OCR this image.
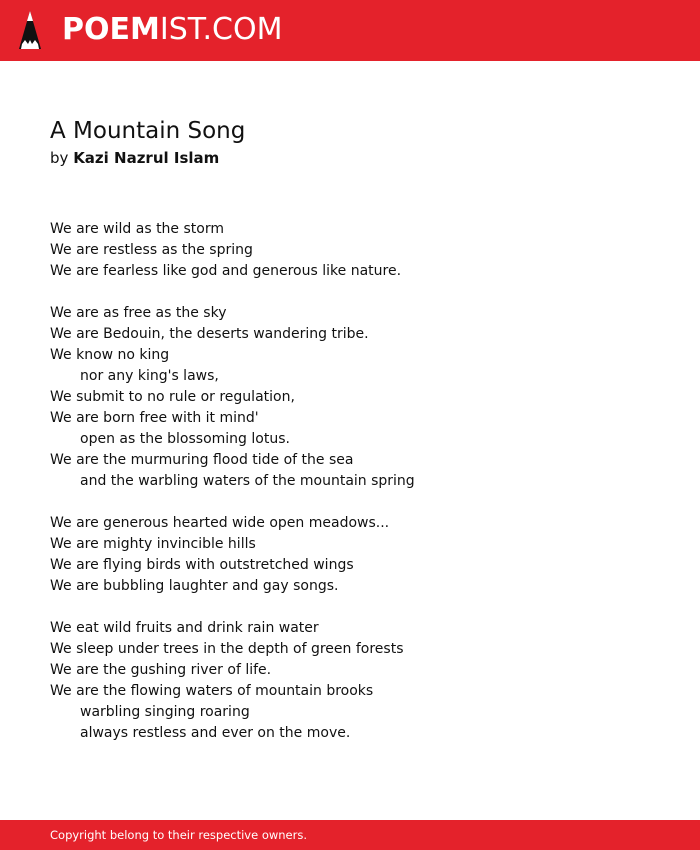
POEMIST.COM
A Mountain Song
by Kazi Nazrul Islam
We are wild as the storm
We are restless as the spring
We are fearless like god and generous like nature.
We are as free as the sky
We are Bedouin, the deserts wandering tribe.
We know no king
nor any king's laws,
We submit to no rule or regulation,
We are born free with it mind'
open as the blossoming lotus.
We are the murmuring flood tide of the sea
and the warbling waters of the mountain spring
We are generous hearted wide open meadows...
We are mighty invincible hills
We are flying birds with outstretched wings
We are bubbling laughter and gay songs.
We eat wild fruits and drink rain water
We sleep under trees in the depth of green forests
We are the gushing river of life.
We are the flowing waters of mountain brooks
warbling singing roaring
always restless and ever on the move.
Copyright belong to their respective owners.
